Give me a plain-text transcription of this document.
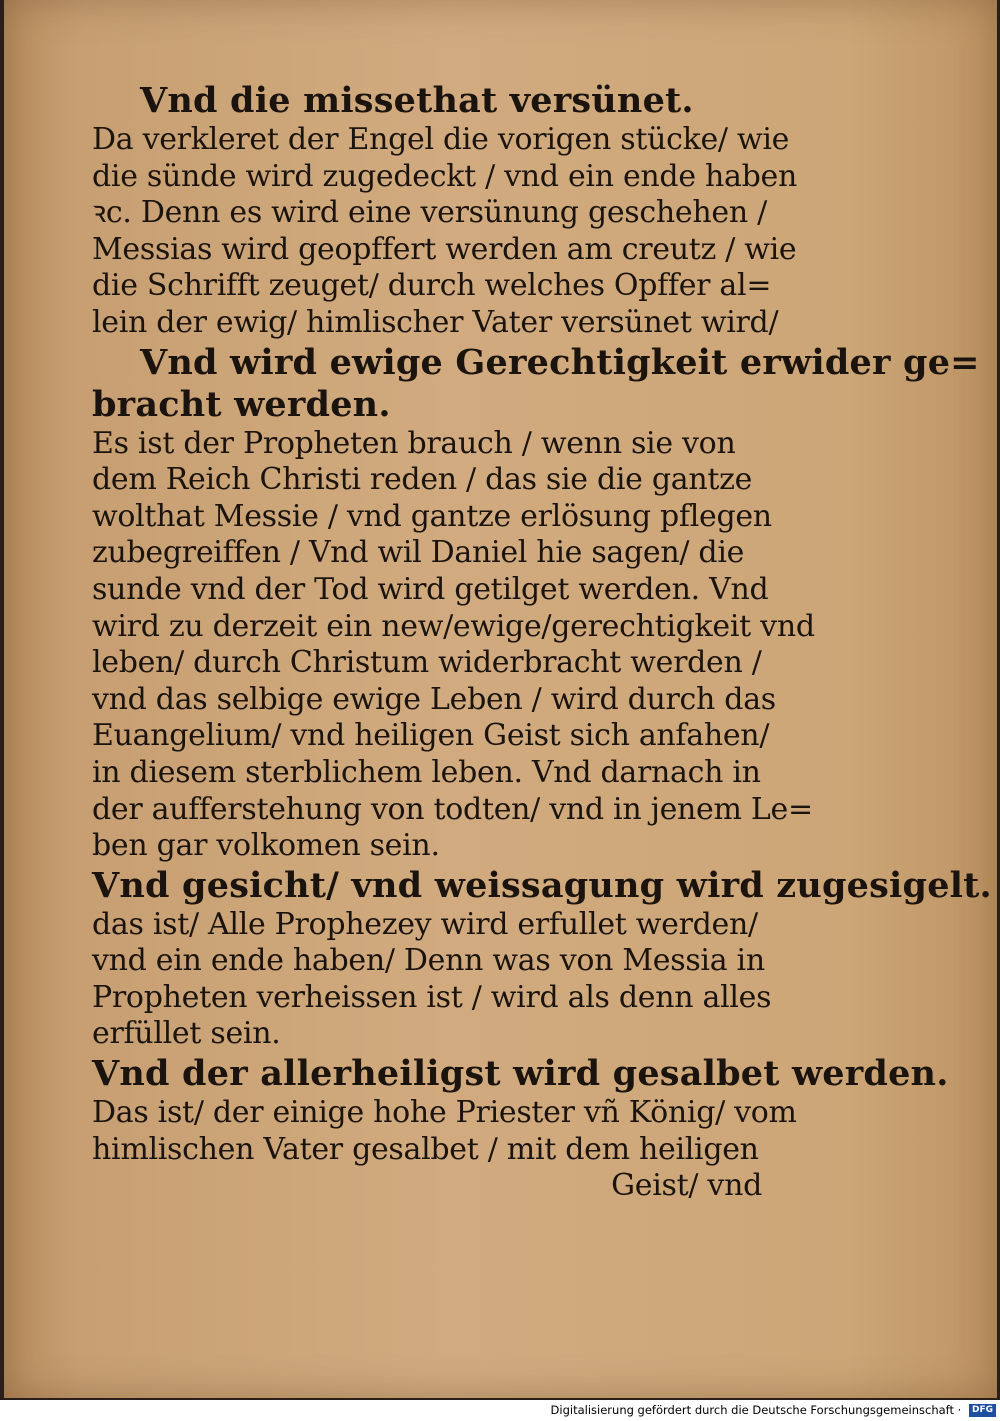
Vnd die missethat versünet.
Da verkleret der Engel die vorigen stücke/ wie
die sünde wird zugedeckt / vnd ein ende haben
ꝛc. Denn es wird eine versünung geschehen /
Messias wird geopffert werden am creutz / wie
die Schrifft zeuget/ durch welches Opffer al=
lein der ewig/ himlischer Vater versünet wird/
Vnd wird ewige Gerechtigkeit erwider ge=
bracht werden.
Es ist der Propheten brauch / wenn sie von
dem Reich Christi reden / das sie die gantze
wolthat Messie / vnd gantze erlösung pflegen
zubegreiffen / Vnd wil Daniel hie sagen/ die
sunde vnd der Tod wird getilget werden. Vnd
wird zu derzeit ein new/ewige/gerechtigkeit vnd
leben/ durch Christum widerbracht werden /
vnd das selbige ewige Leben / wird durch das
Euangelium/ vnd heiligen Geist sich anfahen/
in diesem sterblichem leben. Vnd darnach in
der aufferstehung von todten/ vnd in jenem Le=
ben gar volkomen sein.
Vnd gesicht/ vnd weissagung wird zugesigelt.
das ist/ Alle Prophezey wird erfullet werden/
vnd ein ende haben/ Denn was von Messia in
Propheten verheissen ist / wird als denn alles
erfüllet sein.
Vnd der allerheiligst wird gesalbet werden.
Das ist/ der einige hohe Priester vñ König/ vom
himlischen Vater gesalbet / mit dem heiligen
Geist/ vnd
Digitalisierung gefördert durch die Deutsche Forschungsgemeinschaft · DFG
